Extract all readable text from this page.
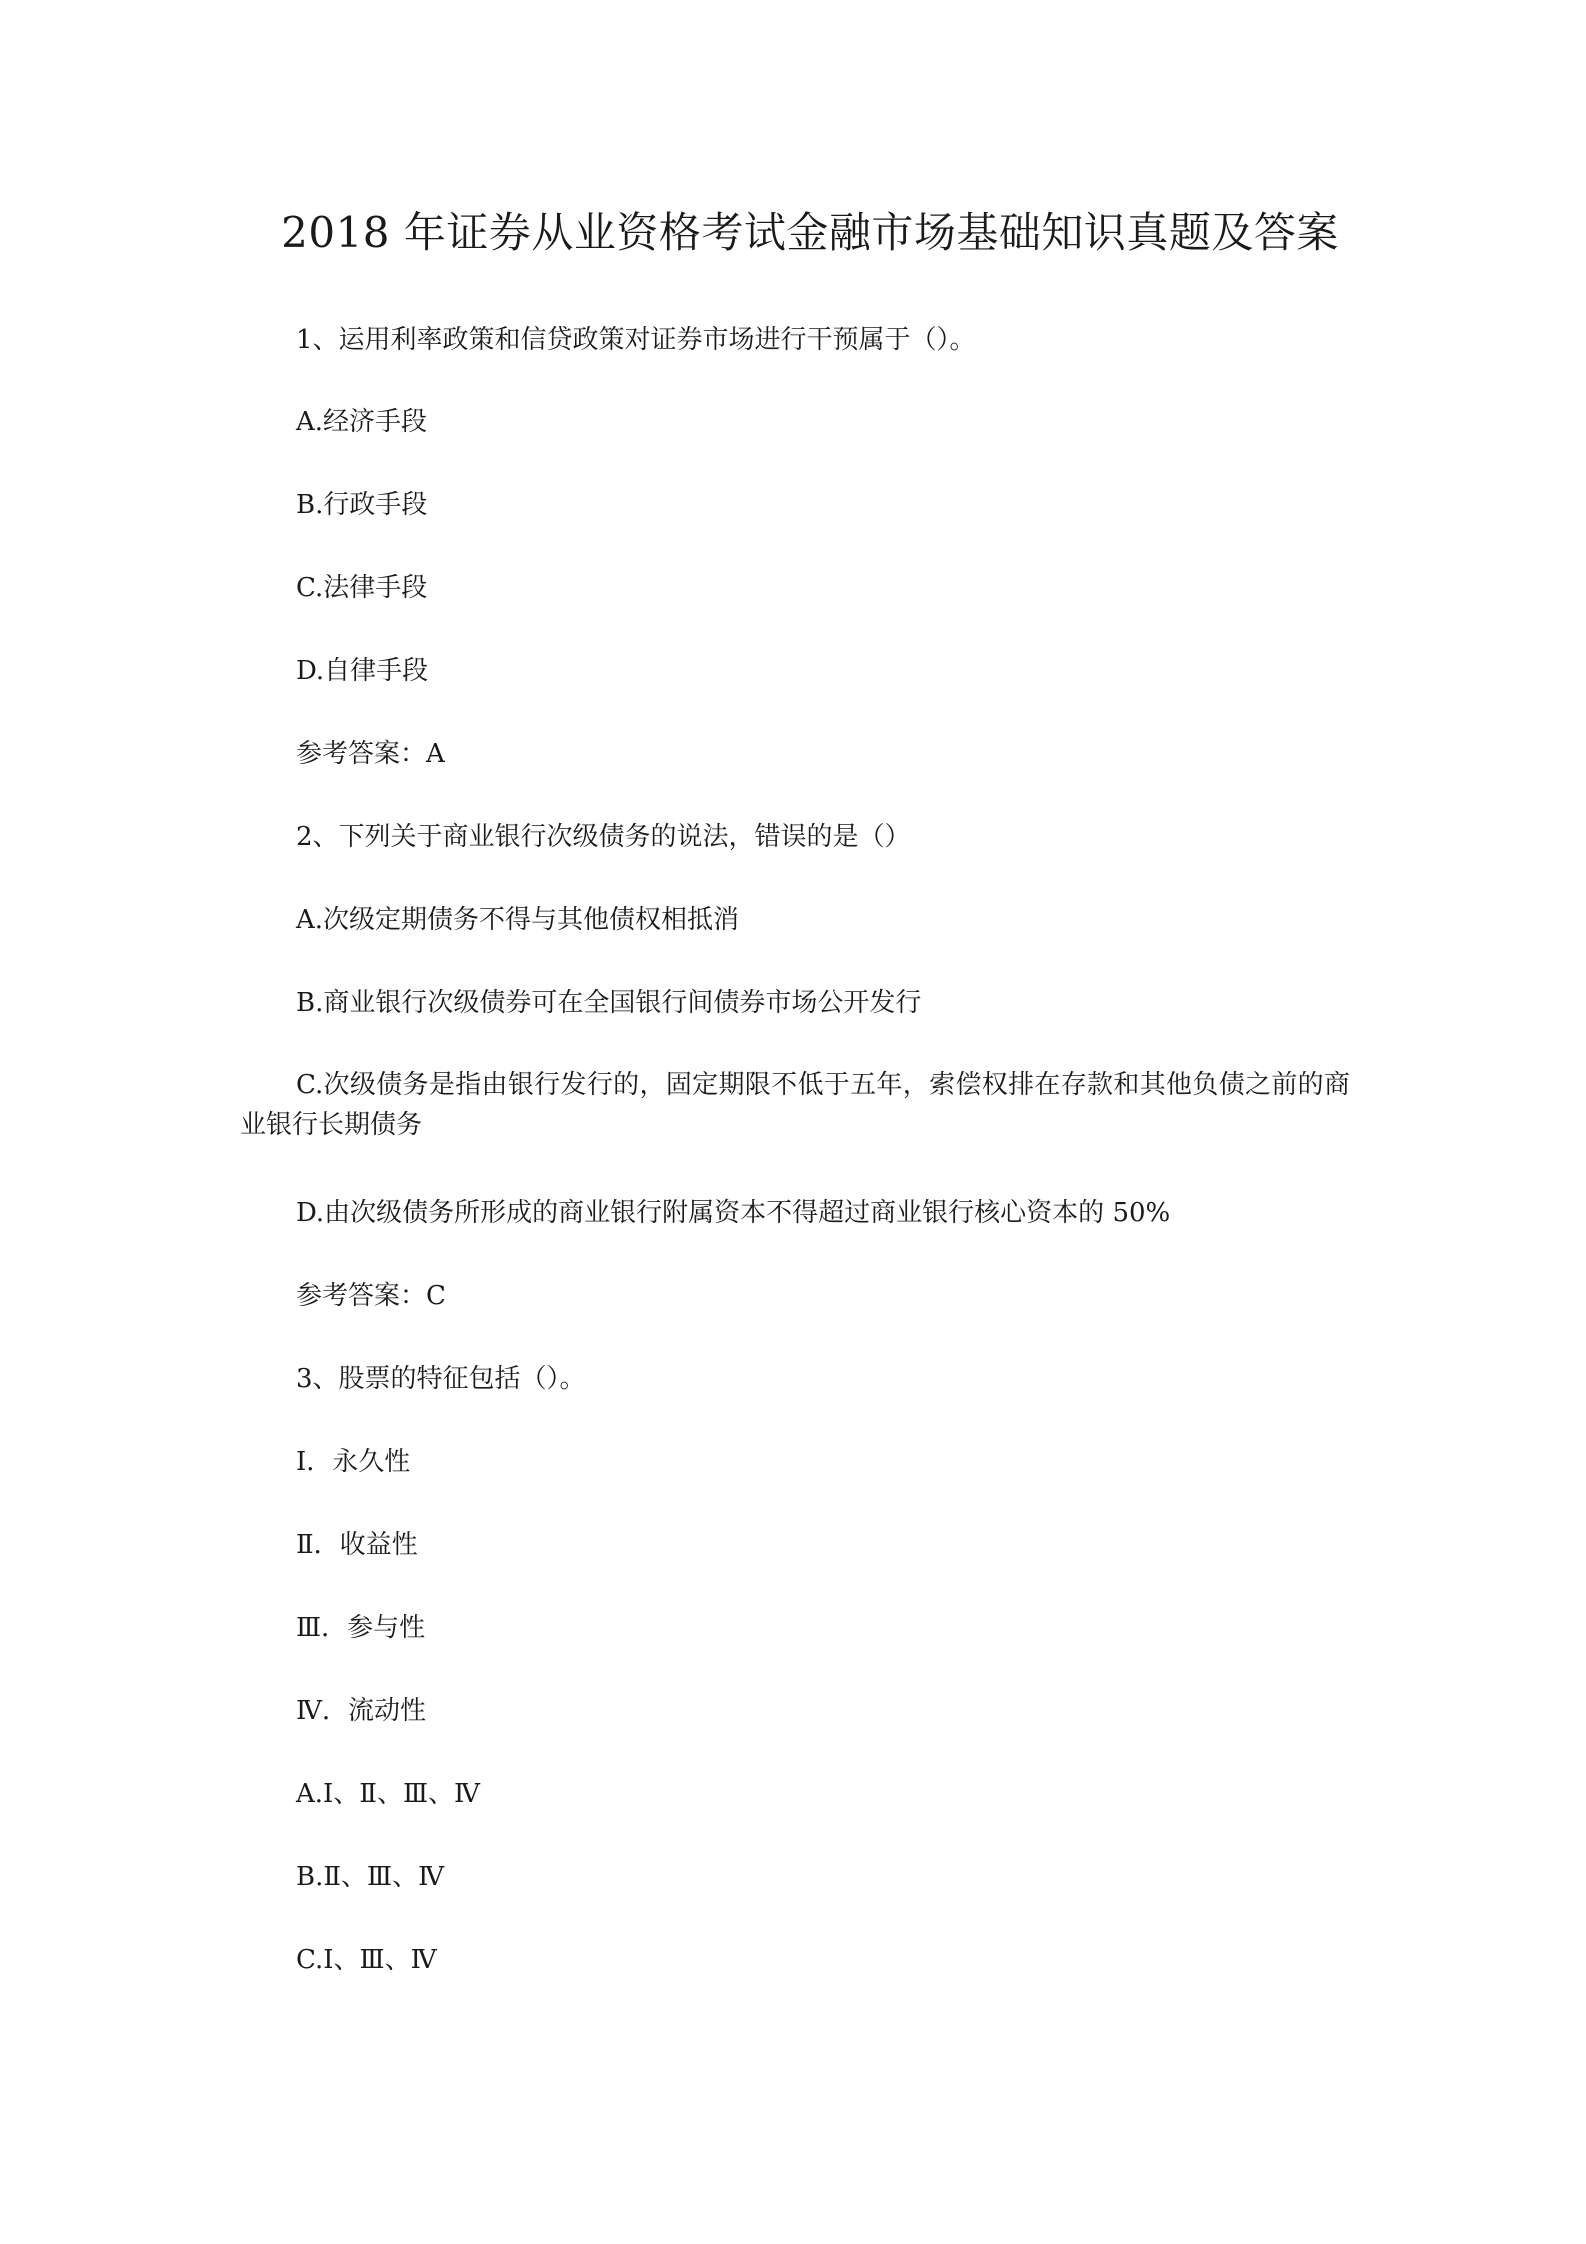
2018 年证券从业资格考试金融市场基础知识真题及答案
1、运用利率政策和信贷政策对证券市场进行干预属于（）。
A.经济手段
B.行政手段
C.法律手段
D.自律手段
参考答案：A
2、下列关于商业银行次级债务的说法，错误的是（）
A.次级定期债务不得与其他债权相抵消
B.商业银行次级债券可在全国银行间债券市场公开发行
C.次级债务是指由银行发行的，固定期限不低于五年，索偿权排在存款和其他负债之前的商业银行长期债务
D.由次级债务所形成的商业银行附属资本不得超过商业银行核心资本的 50%
参考答案：C
3、股票的特征包括（）。
Ⅰ．永久性
Ⅱ．收益性
Ⅲ．参与性
Ⅳ．流动性
A.Ⅰ、Ⅱ、Ⅲ、Ⅳ
B.Ⅱ、Ⅲ、Ⅳ
C.Ⅰ、Ⅲ、Ⅳ
